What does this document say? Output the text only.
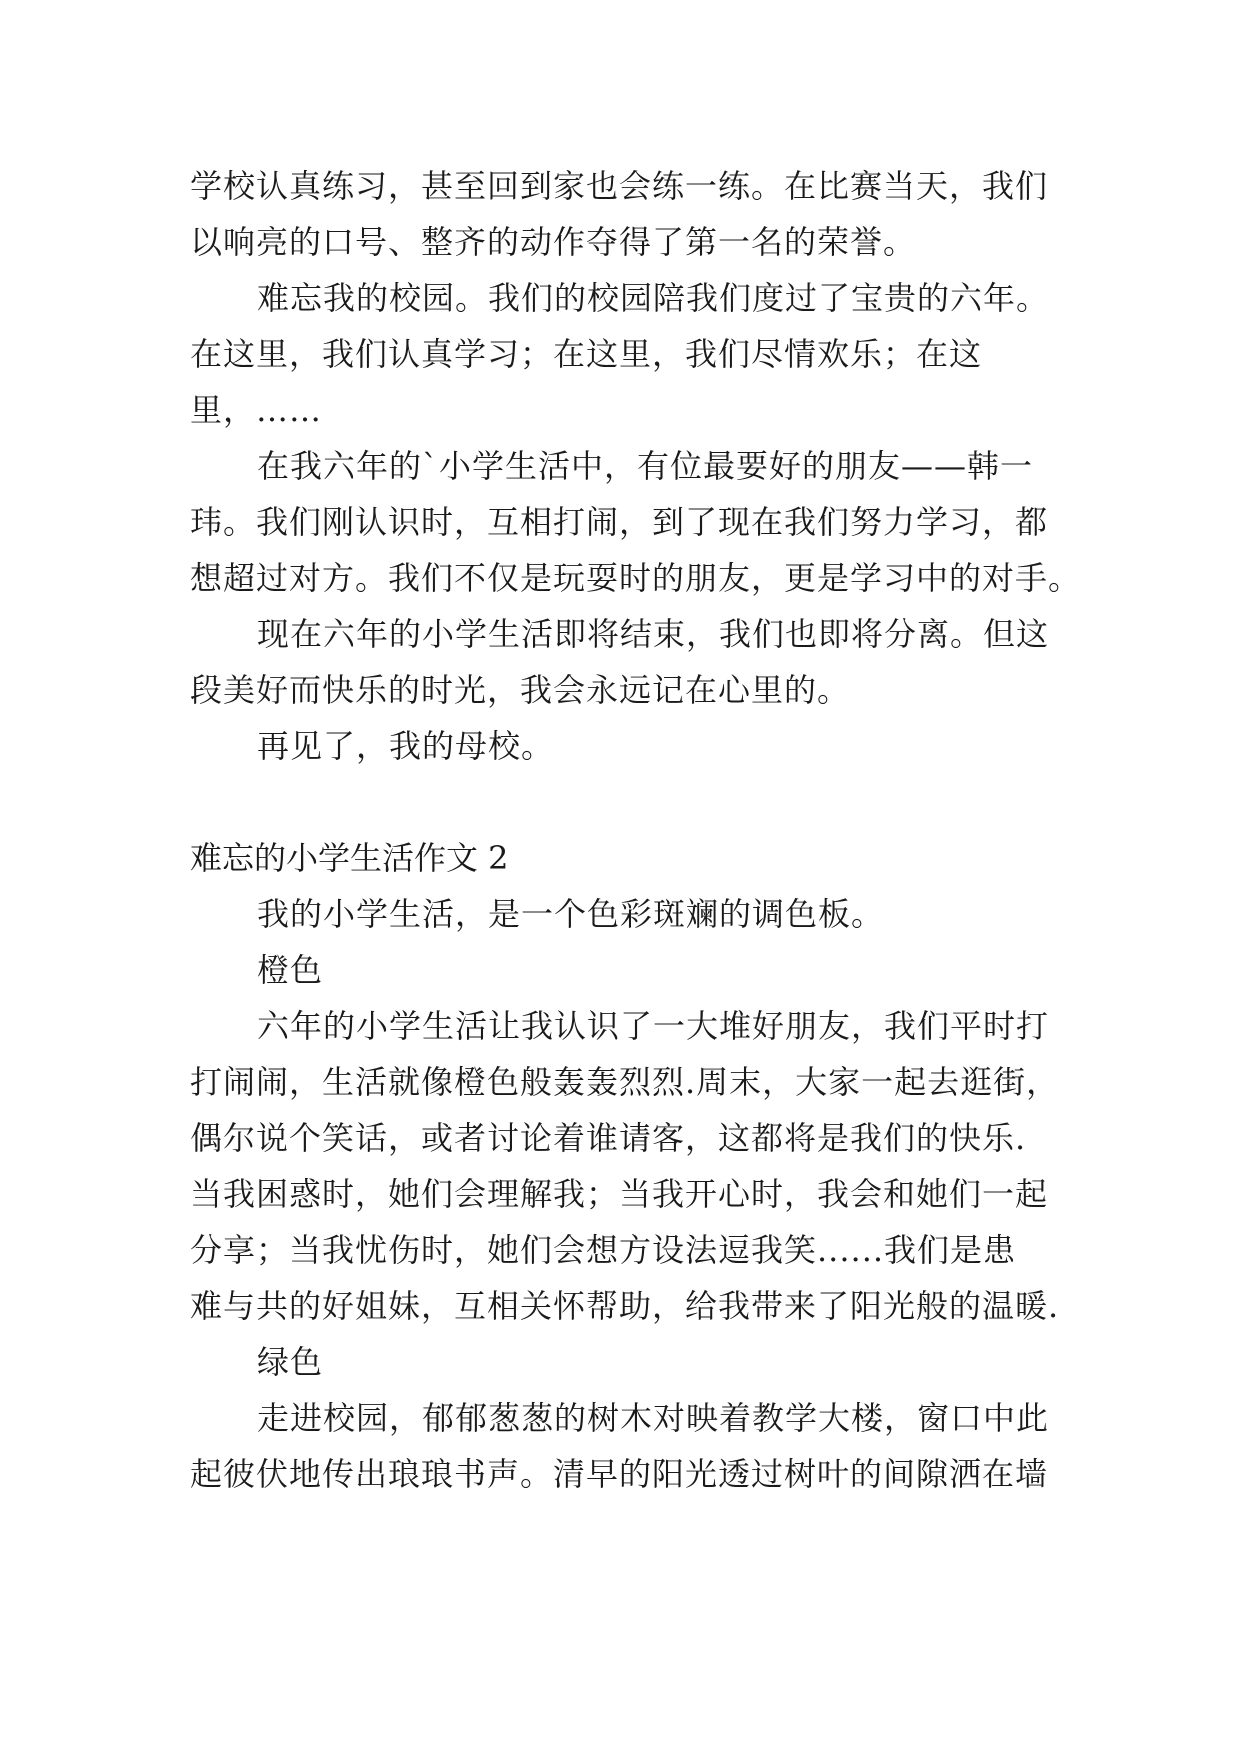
学校认真练习，甚至回到家也会练一练。在比赛当天，我们
以响亮的口号、整齐的动作夺得了第一名的荣誉。
难忘我的校园。我们的校园陪我们度过了宝贵的六年。
在这里，我们认真学习；在这里，我们尽情欢乐；在这
里，……
在我六年的`小学生活中，有位最要好的朋友——韩一
玮。我们刚认识时，互相打闹，到了现在我们努力学习，都
想超过对方。我们不仅是玩耍时的朋友，更是学习中的对手。
现在六年的小学生活即将结束，我们也即将分离。但这
段美好而快乐的时光，我会永远记在心里的。
再见了，我的母校。
难忘的小学生活作文 2
我的小学生活，是一个色彩斑斓的调色板。
橙色
六年的小学生活让我认识了一大堆好朋友，我们平时打
打闹闹，生活就像橙色般轰轰烈烈.周末，大家一起去逛街，
偶尔说个笑话，或者讨论着谁请客，这都将是我们的快乐.
当我困惑时，她们会理解我；当我开心时，我会和她们一起
分享；当我忧伤时，她们会想方设法逗我笑......我们是患
难与共的好姐妹，互相关怀帮助，给我带来了阳光般的温暖.
绿色
走进校园，郁郁葱葱的树木对映着教学大楼，窗口中此
起彼伏地传出琅琅书声。清早的阳光透过树叶的间隙洒在墙
